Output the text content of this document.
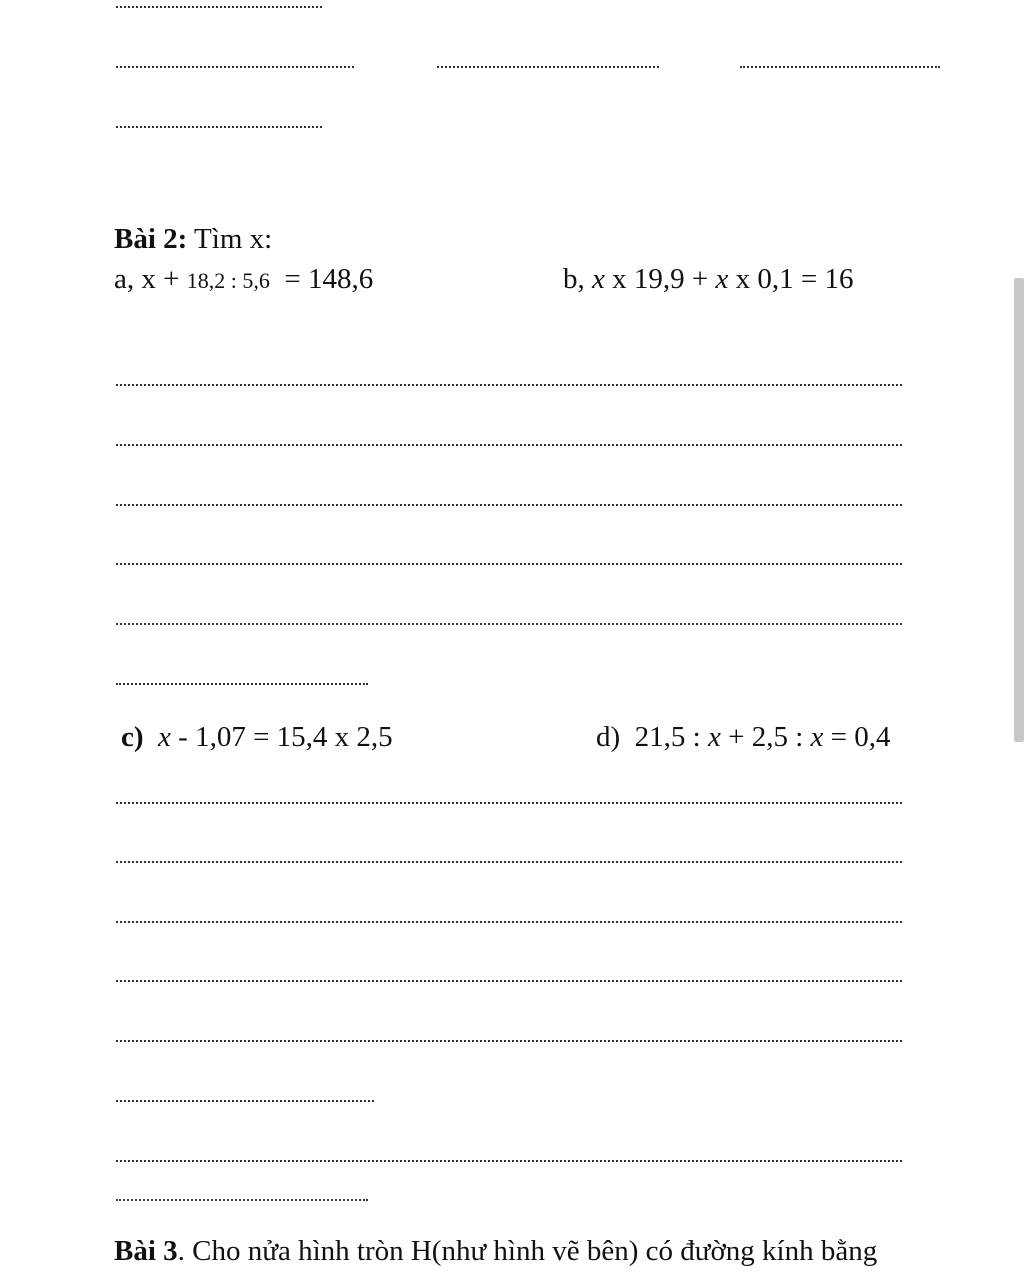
Bài 2: Tìm x:
a, x + 18,2 : 5,6  = 148,6	b, x x 19,9 + x x 0,1 = 16
c) x - 1,07 = 15,4 x 2,5	d) 21,5 : x + 2,5 : x = 0,4
Bài 3. Cho nửa hình tròn H(như hình vẽ bên) có đường kính bằng
